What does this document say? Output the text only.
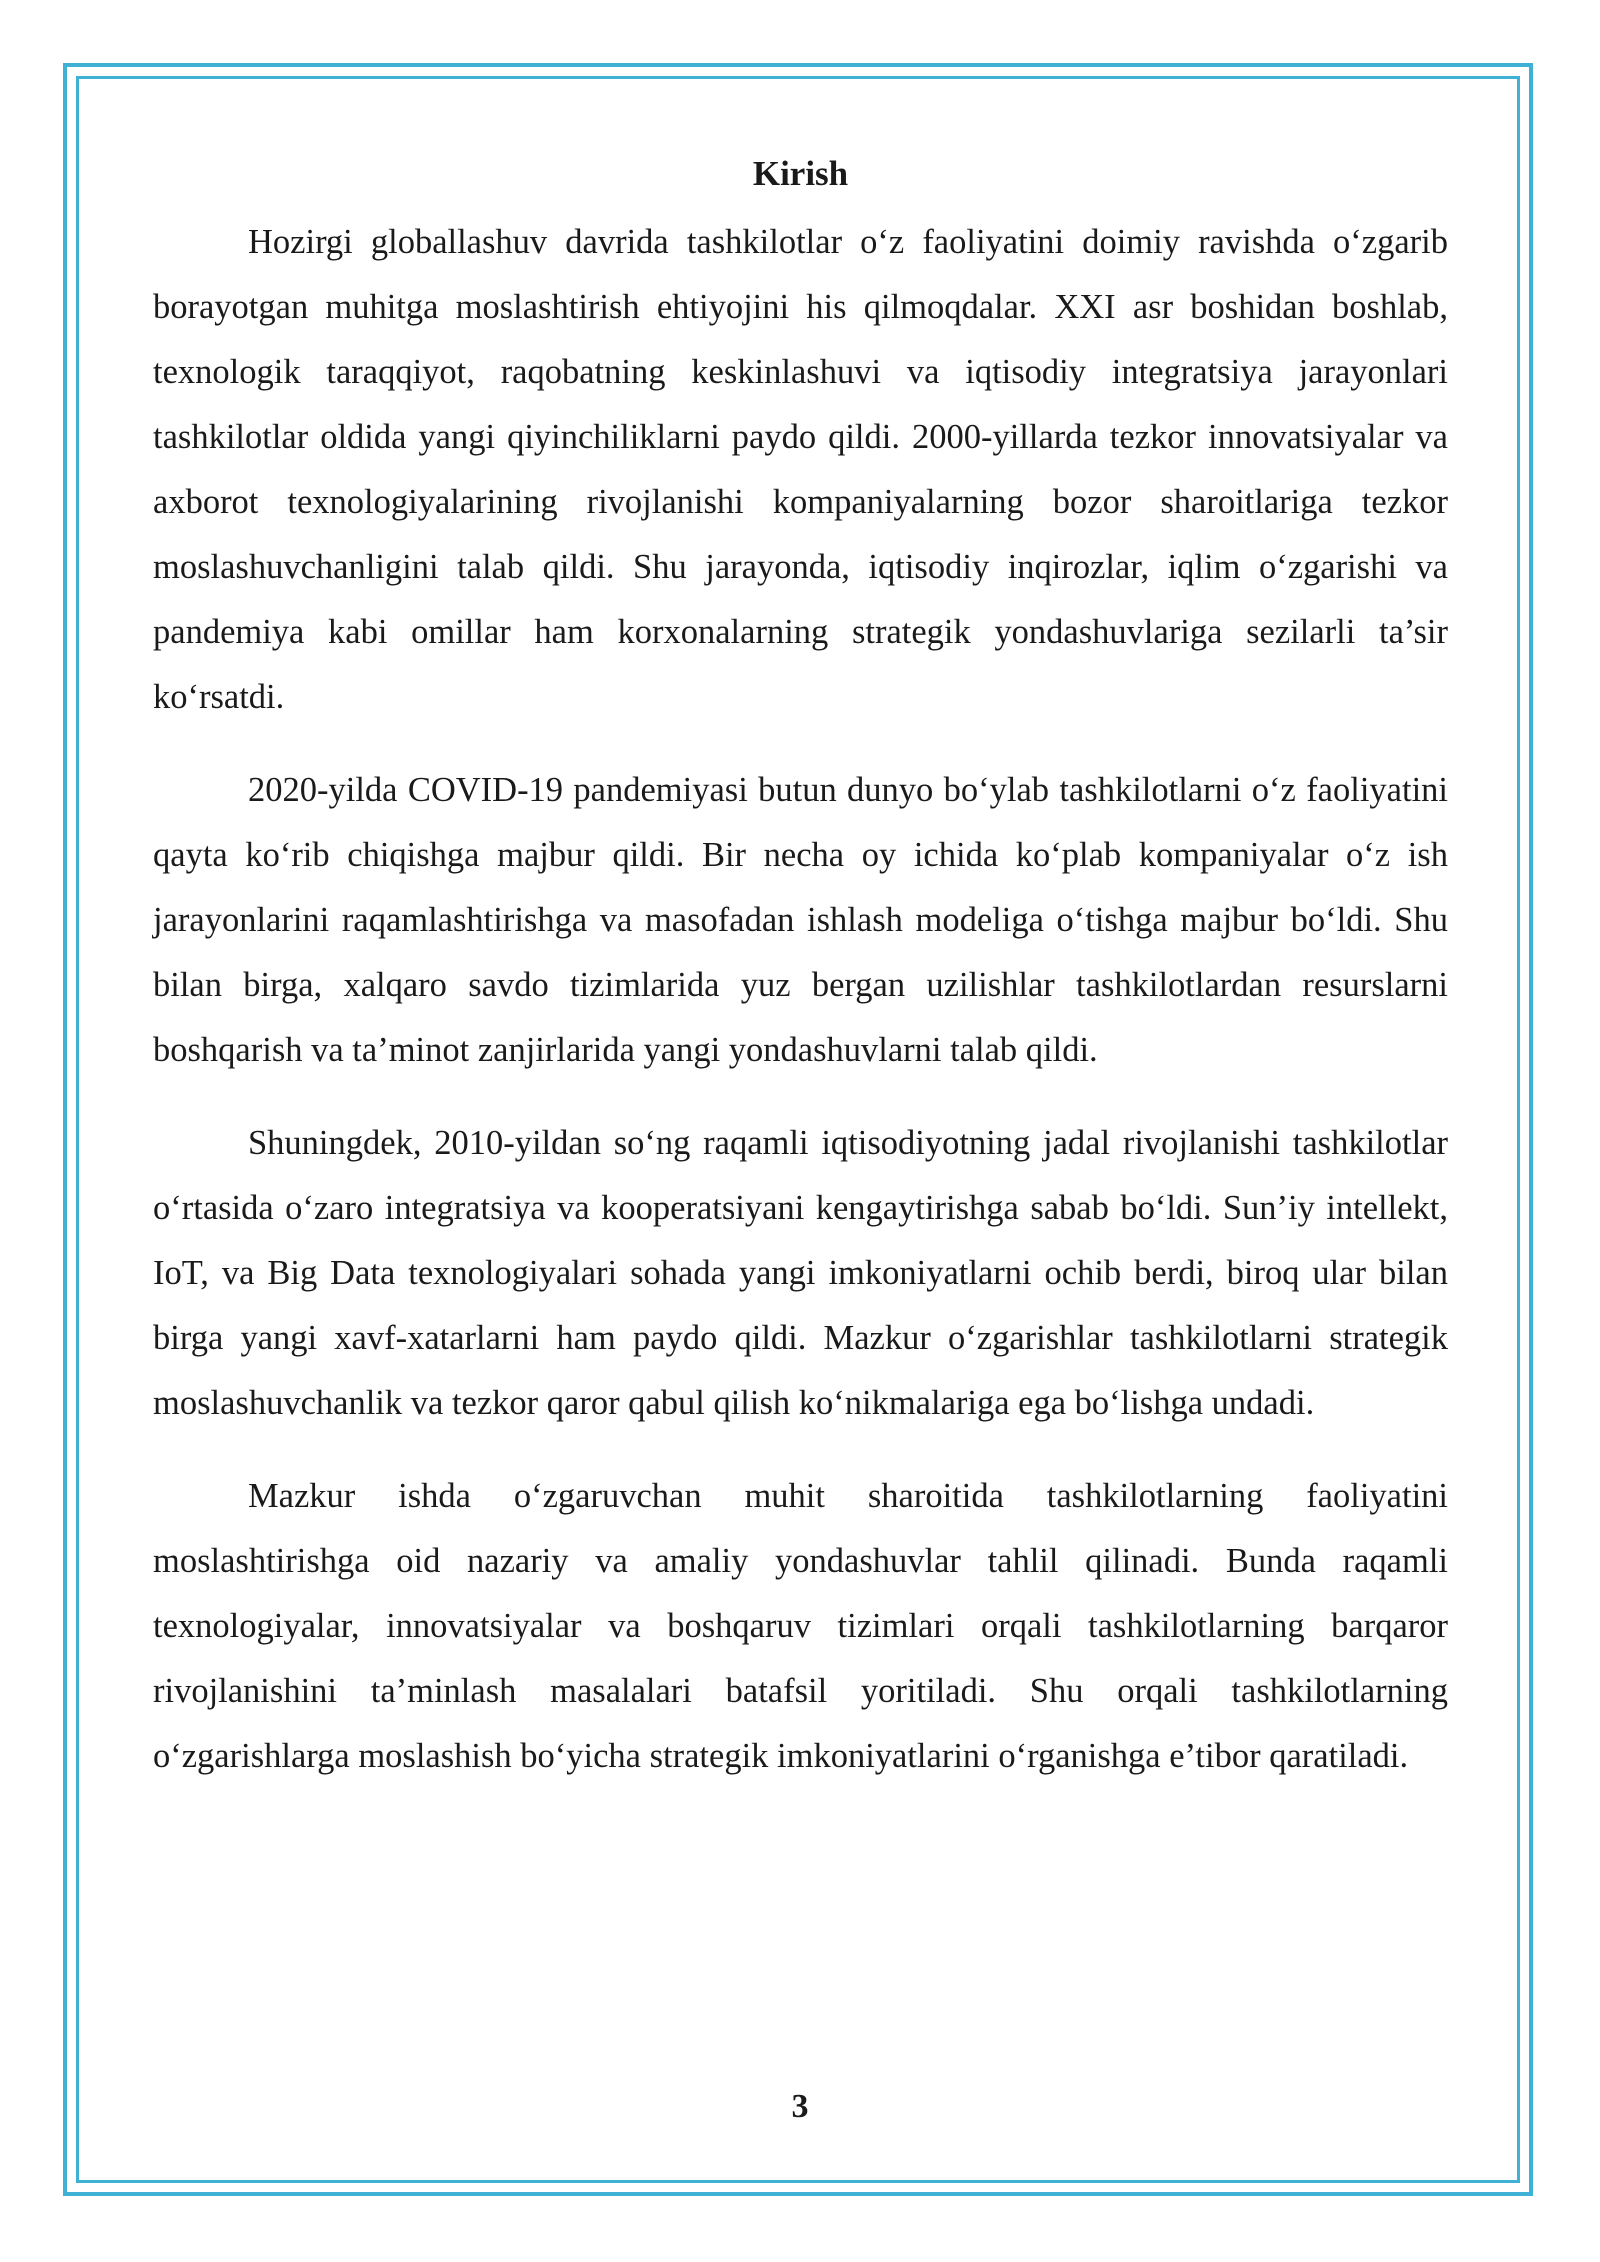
Kirish

Hozirgi globallashuv davrida tashkilotlar o‘z faoliyatini doimiy ravishda o‘zgarib borayotgan muhitga moslashtirish ehtiyojini his qilmoqdalar. XXI asr boshidan boshlab, texnologik taraqqiyot, raqobatning keskinlashuvi va iqtisodiy integratsiya jarayonlari tashkilotlar oldida yangi qiyinchiliklarni paydo qildi. 2000-yillarda tezkor innovatsiyalar va axborot texnologiyalarining rivojlanishi kompaniyalarning bozor sharoitlariga tezkor moslashuvchanligini talab qildi. Shu jarayonda, iqtisodiy inqirozlar, iqlim o‘zgarishi va pandemiya kabi omillar ham korxonalarning strategik yondashuvlariga sezilarli ta’sir ko‘rsatdi.

2020-yilda COVID-19 pandemiyasi butun dunyo bo‘ylab tashkilotlarni o‘z faoliyatini qayta ko‘rib chiqishga majbur qildi. Bir necha oy ichida ko‘plab kompaniyalar o‘z ish jarayonlarini raqamlashtirishga va masofadan ishlash modeliga o‘tishga majbur bo‘ldi. Shu bilan birga, xalqaro savdo tizimlarida yuz bergan uzilishlar tashkilotlardan resurslarni boshqarish va ta’minot zanjirlarida yangi yondashuvlarni talab qildi.

Shuningdek, 2010-yildan so‘ng raqamli iqtisodiyotning jadal rivojlanishi tashkilotlar o‘rtasida o‘zaro integratsiya va kooperatsiyani kengaytirishga sabab bo‘ldi. Sun’iy intellekt, IoT, va Big Data texnologiyalari sohada yangi imkoniyatlarni ochib berdi, biroq ular bilan birga yangi xavf-xatarlarni ham paydo qildi. Mazkur o‘zgarishlar tashkilotlarni strategik moslashuvchanlik va tezkor qaror qabul qilish ko‘nikmalariga ega bo‘lishga undadi.

Mazkur ishda o‘zgaruvchan muhit sharoitida tashkilotlarning faoliyatini moslashtirishga oid nazariy va amaliy yondashuvlar tahlil qilinadi. Bunda raqamli texnologiyalar, innovatsiyalar va boshqaruv tizimlari orqali tashkilotlarning barqaror rivojlanishini ta’minlash masalalari batafsil yoritiladi. Shu orqali tashkilotlarning o‘zgarishlarga moslashish bo‘yicha strategik imkoniyatlarini o‘rganishga e’tibor qaratiladi.

3
